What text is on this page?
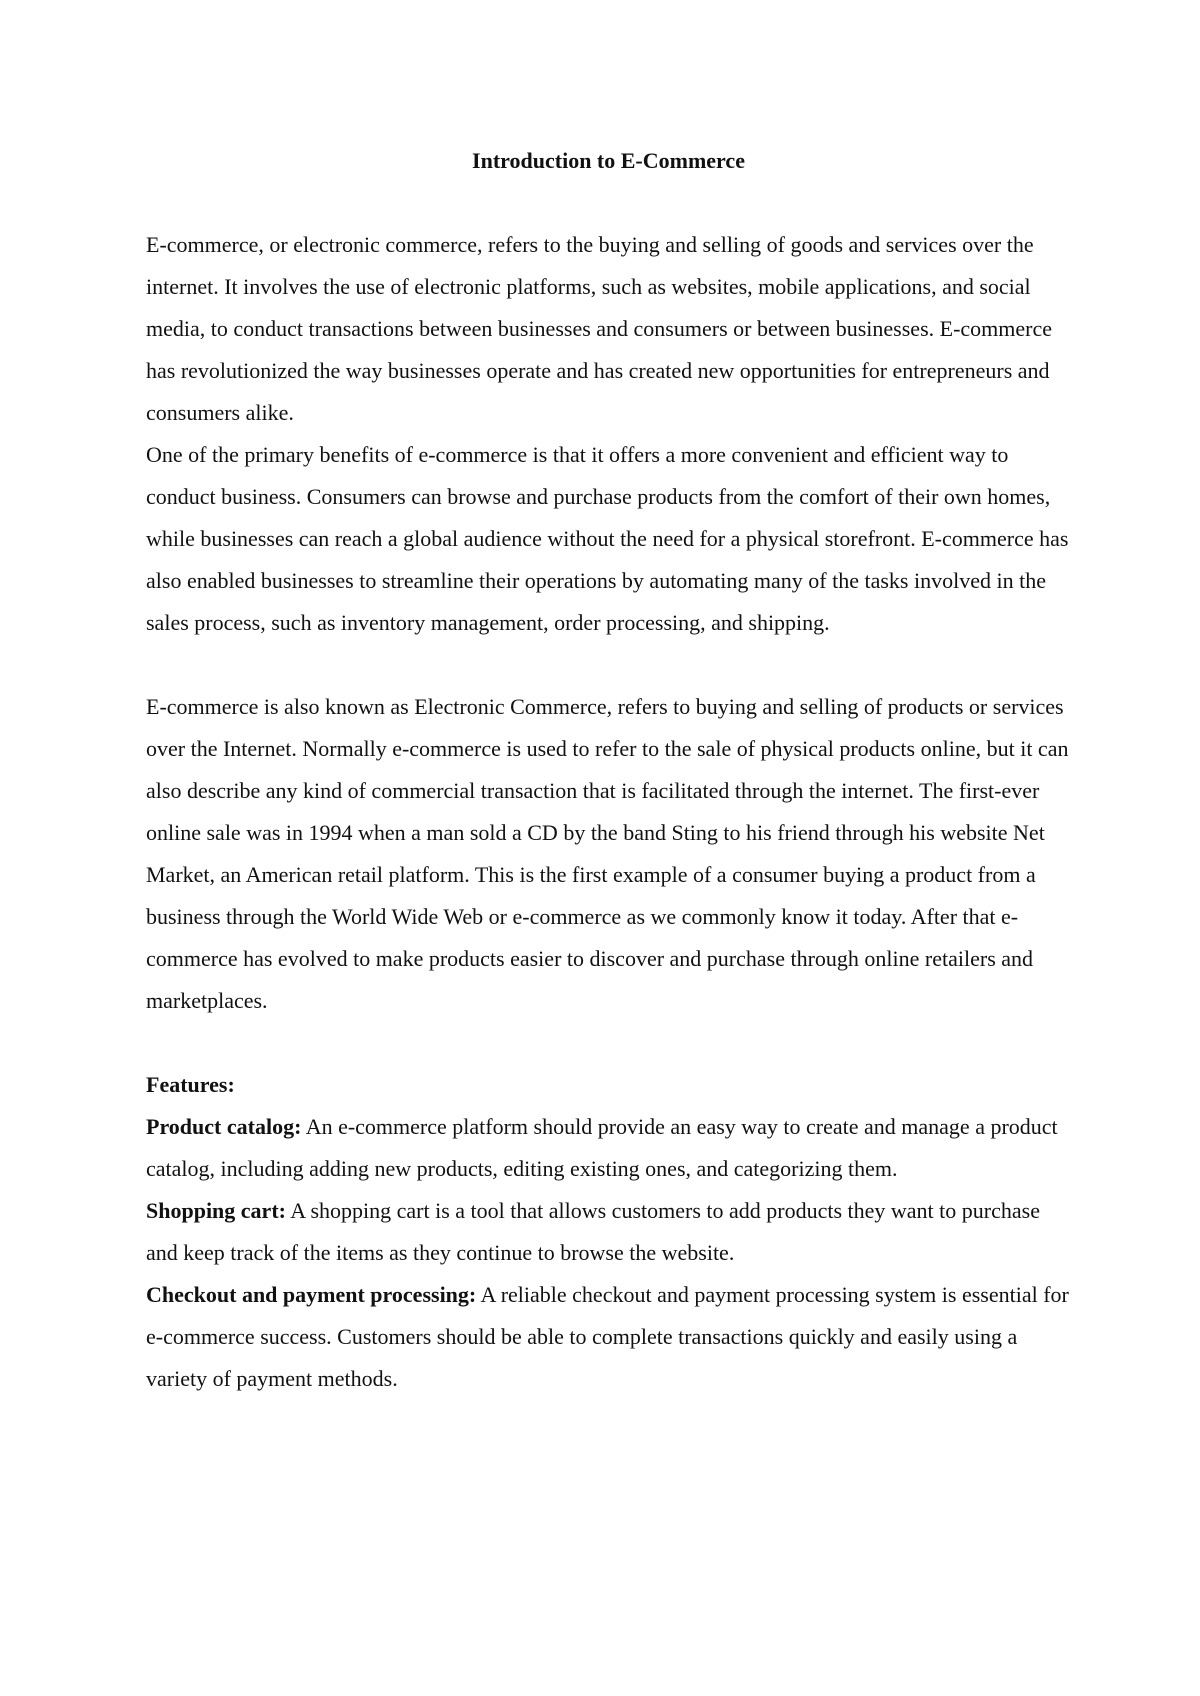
Introduction to E-Commerce

E-commerce, or electronic commerce, refers to the buying and selling of goods and services over the internet. It involves the use of electronic platforms, such as websites, mobile applications, and social media, to conduct transactions between businesses and consumers or between businesses. E-commerce has revolutionized the way businesses operate and has created new opportunities for entrepreneurs and consumers alike.

One of the primary benefits of e-commerce is that it offers a more convenient and efficient way to conduct business. Consumers can browse and purchase products from the comfort of their own homes, while businesses can reach a global audience without the need for a physical storefront. E-commerce has also enabled businesses to streamline their operations by automating many of the tasks involved in the sales process, such as inventory management, order processing, and shipping.

E-commerce is also known as Electronic Commerce, refers to buying and selling of products or services over the Internet. Normally e-commerce is used to refer to the sale of physical products online, but it can also describe any kind of commercial transaction that is facilitated through the internet. The first-ever online sale was in 1994 when a man sold a CD by the band Sting to his friend through his website Net Market, an American retail platform. This is the first example of a consumer buying a product from a business through the World Wide Web or e-commerce as we commonly know it today. After that e-commerce has evolved to make products easier to discover and purchase through online retailers and marketplaces.

Features:

Product catalog: An e-commerce platform should provide an easy way to create and manage a product catalog, including adding new products, editing existing ones, and categorizing them.

Shopping cart: A shopping cart is a tool that allows customers to add products they want to purchase and keep track of the items as they continue to browse the website.

Checkout and payment processing: A reliable checkout and payment processing system is essential for e-commerce success. Customers should be able to complete transactions quickly and easily using a variety of payment methods.
